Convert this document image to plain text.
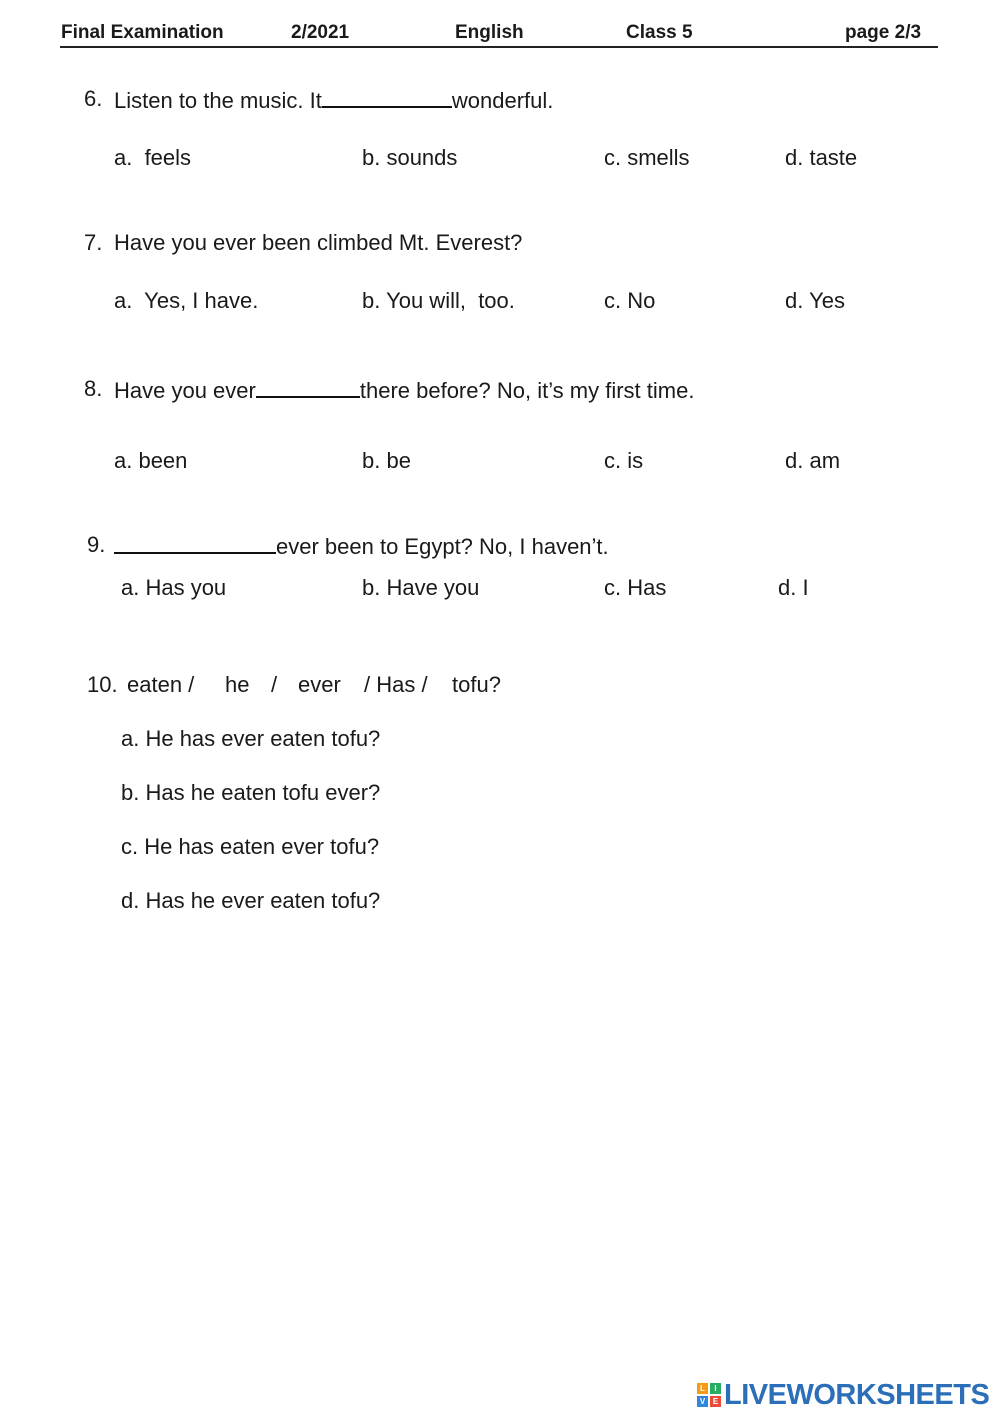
Final Examination	2/2021	English	Class 5	page 2/3
6. Listen to the music. It	wonderful.
a.  feels	b. sounds	c. smells	d. taste
7. Have you ever been climbed Mt. Everest?
a.  Yes, I have.	b. You will,  too.	c. No	d. Yes
8. Have you ever	there before? No, it’s my first time.
a. been	b. be	c. is	d. am
9.	ever been to Egypt? No, I haven’t.
a. Has you	b. Have you	c. Has	d. I
10. eaten / he / ever / Has / tofu?
a. He has ever eaten tofu?
b. Has he eaten tofu ever?
c. He has eaten ever tofu?
d. Has he ever eaten tofu?
L	I
V E LIVEWORKSHEETS
